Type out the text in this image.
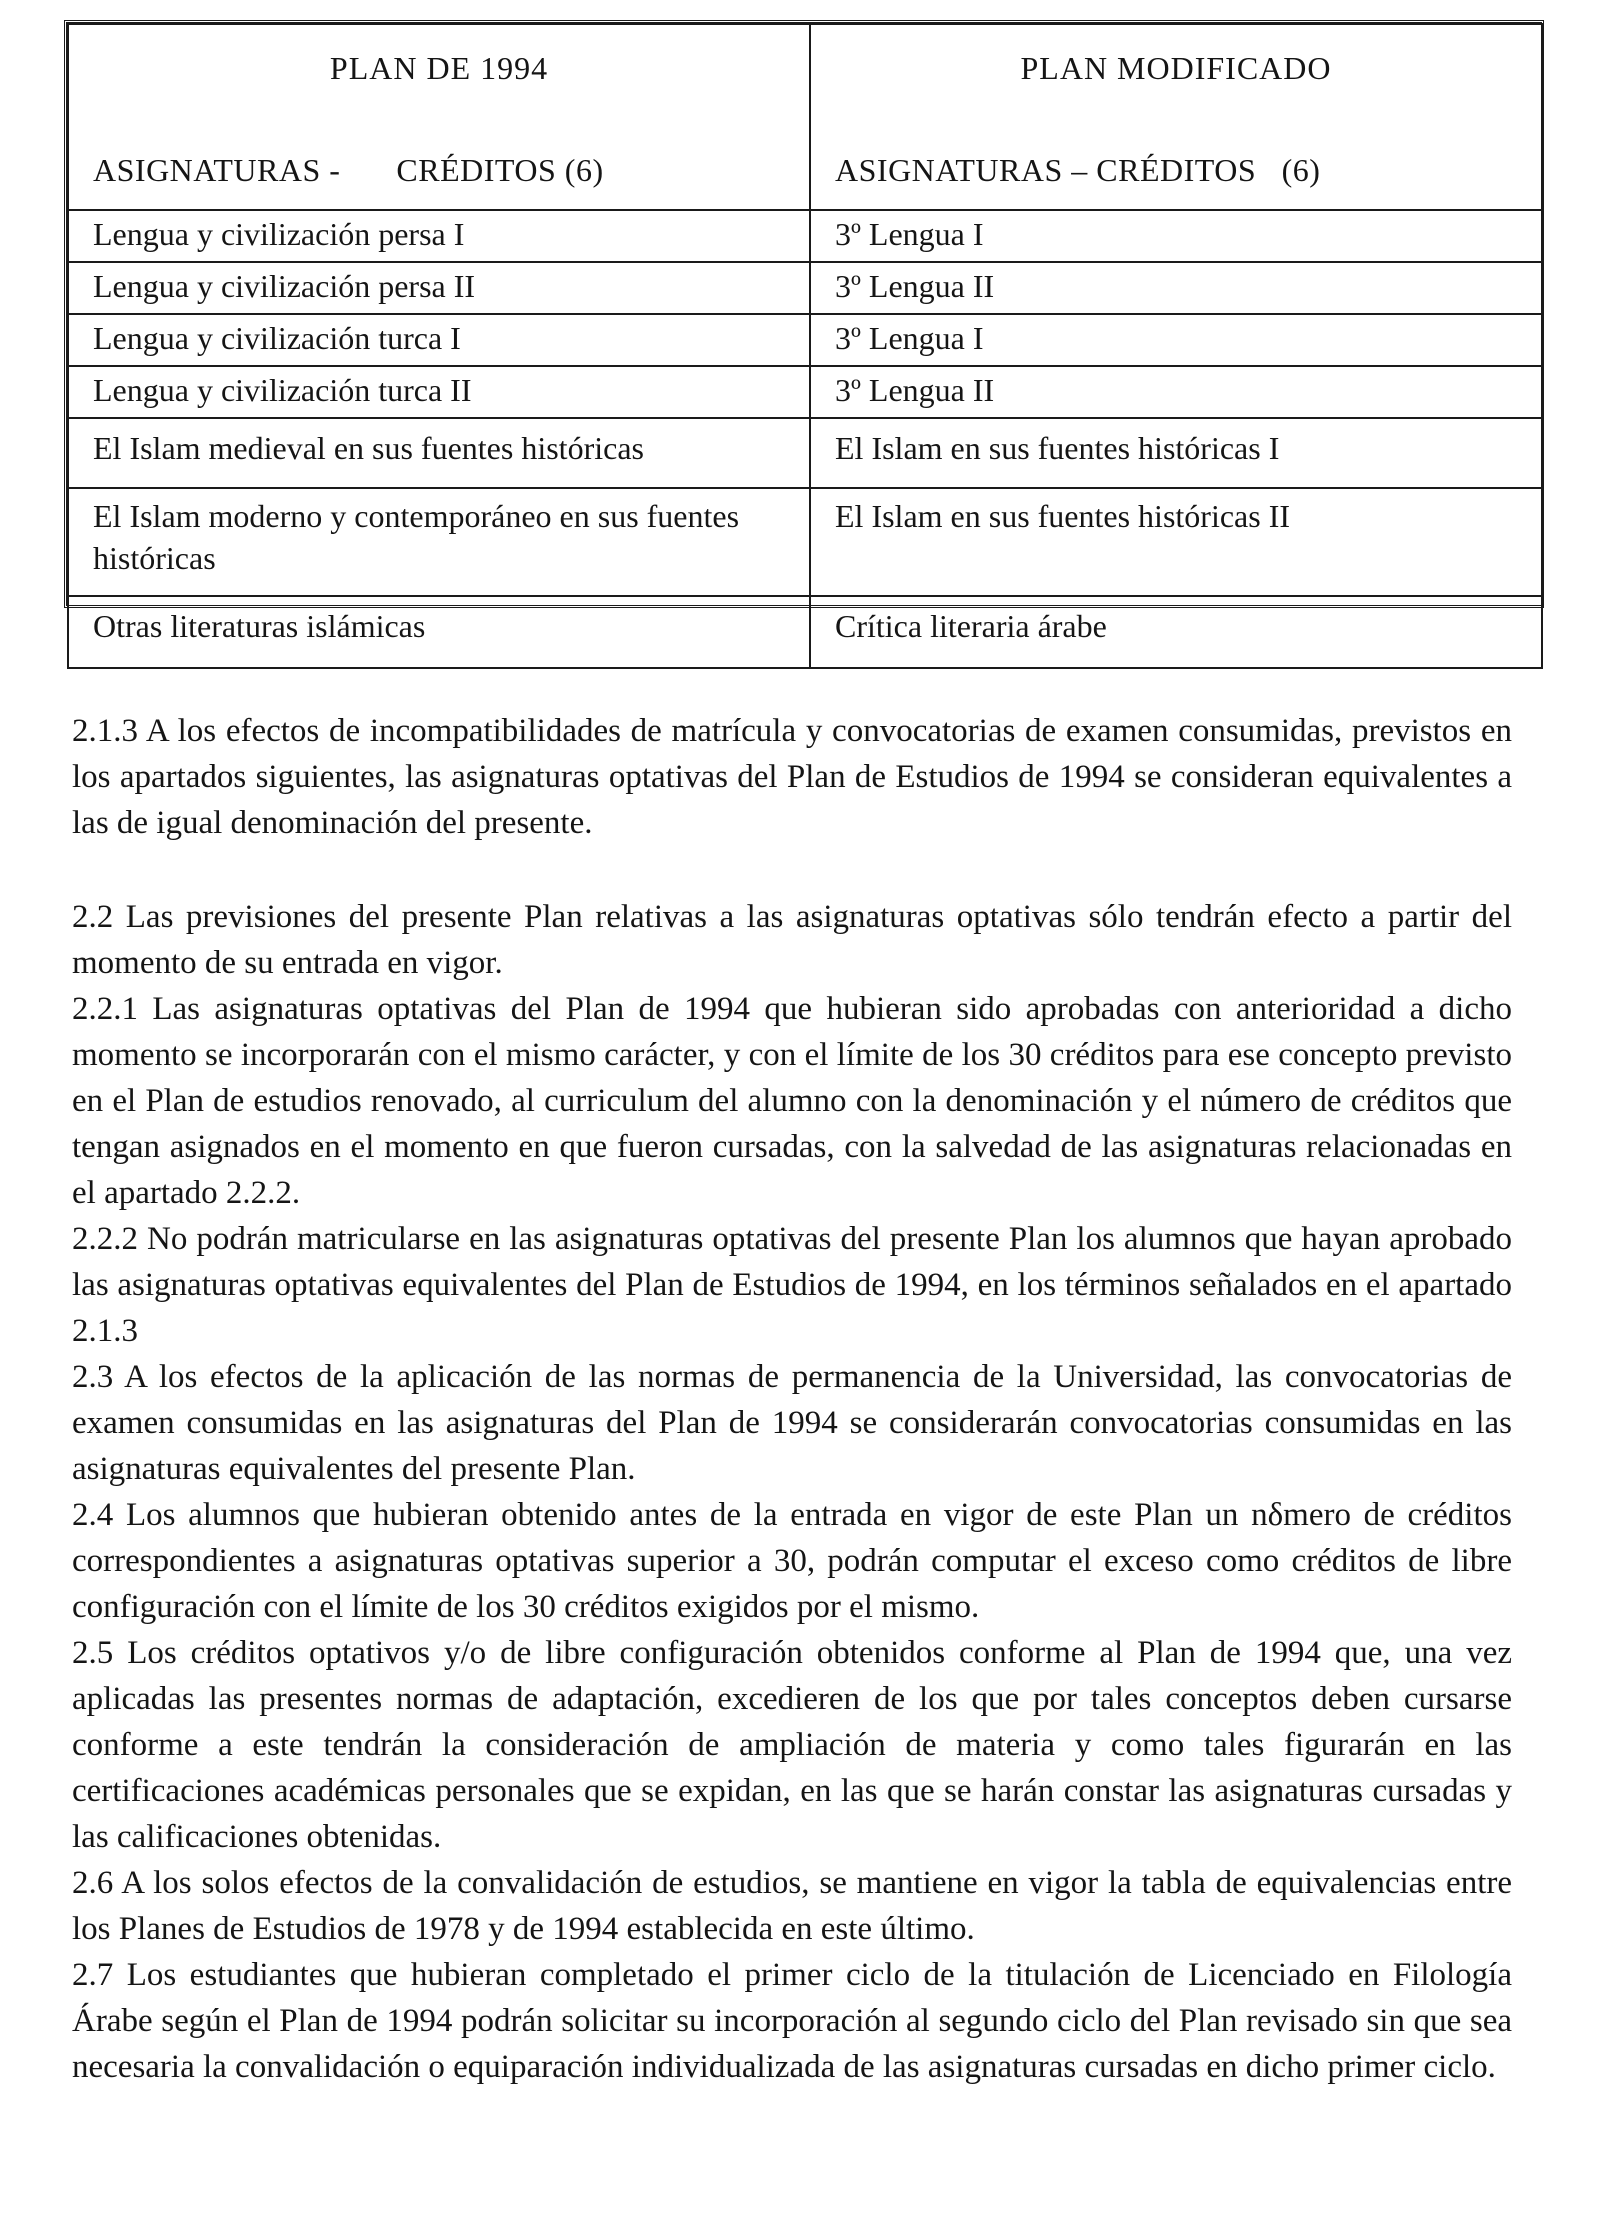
PLAN DE 1994	PLAN MODIFICADO
ASIGNATURAS - CRÉDITOS (6)	ASIGNATURAS – CRÉDITOS (6)
Lengua y civilización persa I	3º Lengua I
Lengua y civilización persa II	3º Lengua II
Lengua y civilización turca I	3º Lengua I
Lengua y civilización turca II	3º Lengua II
El Islam medieval en sus fuentes históricas	El Islam en sus fuentes históricas I
El Islam moderno y contemporáneo en sus fuentes históricas	El Islam en sus fuentes históricas II
Otras literaturas islámicas	Crítica literaria árabe

2.1.3 A los efectos de incompatibilidades de matrícula y convocatorias de examen consumidas, previstos en los apartados siguientes, las asignaturas optativas del Plan de Estudios de 1994 se consideran equivalentes a las de igual denominación del presente.

2.2 Las previsiones del presente Plan relativas a las asignaturas optativas sólo tendrán efecto a partir del momento de su entrada en vigor.

2.2.1 Las asignaturas optativas del Plan de 1994 que hubieran sido aprobadas con anterioridad a dicho momento se incorporarán con el mismo carácter, y con el límite de los 30 créditos para ese concepto previsto en el Plan de estudios renovado, al curriculum del alumno con la denominación y el número de créditos que tengan asignados en el momento en que fueron cursadas, con la salvedad de las asignaturas relacionadas en el apartado 2.2.2.

2.2.2 No podrán matricularse en las asignaturas optativas del presente Plan los alumnos que hayan aprobado las asignaturas optativas equivalentes del Plan de Estudios de 1994, en los términos señalados en el apartado 2.1.3

2.3 A los efectos de la aplicación de las normas de permanencia de la Universidad, las convocatorias de examen consumidas en las asignaturas del Plan de 1994 se considerarán convocatorias consumidas en las asignaturas equivalentes del presente Plan.

2.4 Los alumnos que hubieran obtenido antes de la entrada en vigor de este Plan un nδmero de créditos correspondientes a asignaturas optativas superior a 30, podrán computar el exceso como créditos de libre configuración con el límite de los 30 créditos exigidos por el mismo.

2.5 Los créditos optativos y/o de libre configuración obtenidos conforme al Plan de 1994 que, una vez aplicadas las presentes normas de adaptación, excedieren de los que por tales conceptos deben cursarse conforme a este tendrán la consideración de ampliación de materia y como tales figurarán en las certificaciones académicas personales que se expidan, en las que se harán constar las asignaturas cursadas y las calificaciones obtenidas.

2.6 A los solos efectos de la convalidación de estudios, se mantiene en vigor la tabla de equivalencias entre los Planes de Estudios de 1978 y de 1994 establecida en este último.

2.7 Los estudiantes que hubieran completado el primer ciclo de la titulación de Licenciado en Filología Árabe según el Plan de 1994 podrán solicitar su incorporación al segundo ciclo del Plan revisado sin que sea necesaria la convalidación o equiparación individualizada de las asignaturas cursadas en dicho primer ciclo.
